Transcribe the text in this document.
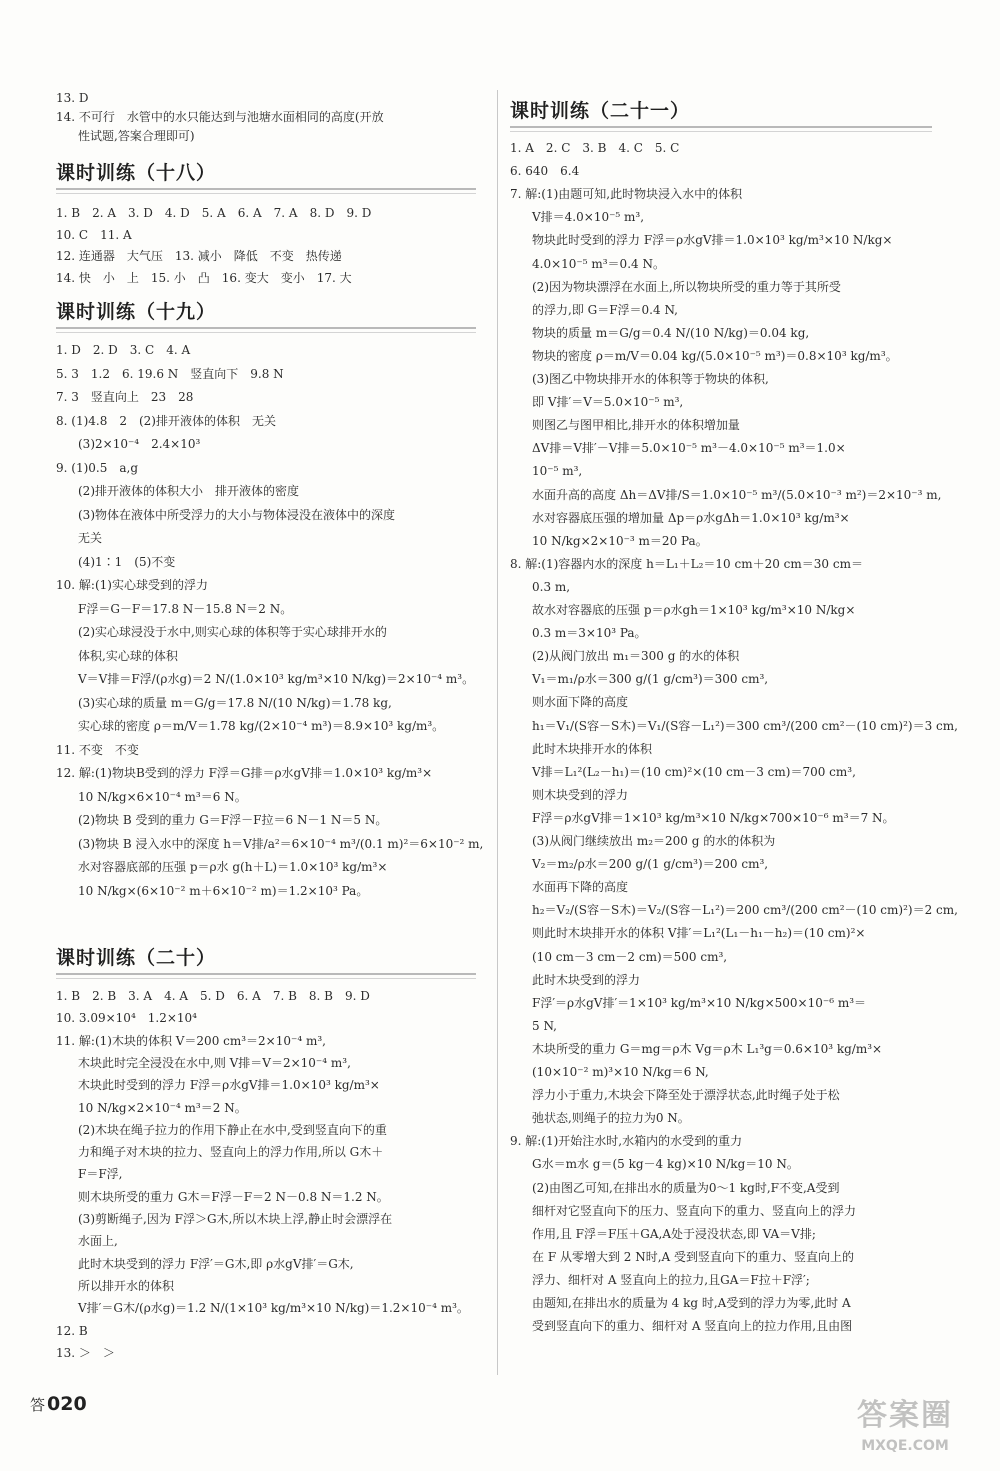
13. D
14. 不可行　水管中的水只能达到与池塘水面相同的高度(开放
性试题,答案合理即可)
课时训练（十八）
1. B　2. A　3. D　4. D　5. A　6. A　7. A　8. D　9. D
10. C　11. A
12. 连通器　大气压　13. 减小　降低　不变　热传递
14. 快　小　上　15. 小　凸　16. 变大　变小　17. 大
课时训练（十九）
1. D　2. D　3. C　4. A
5. 3　1.2　6. 19.6 N　竖直向下　9.8 N
7. 3　竖直向上　23　28
8. (1)4.8　2　(2)排开液体的体积　无关
(3)2×10⁻⁴　2.4×10³
9. (1)0.5　a,g
(2)排开液体的体积大小　排开液体的密度
(3)物体在液体中所受浮力的大小与物体浸没在液体中的深度
无关
(4)1∶1　(5)不变
10. 解:(1)实心球受到的浮力
F浮＝G－F＝17.8 N－15.8 N＝2 N。
(2)实心球浸没于水中,则实心球的体积等于实心球排开水的
体积,实心球的体积
V＝V排＝F浮/(ρ水g)＝2 N/(1.0×10³ kg/m³×10 N/kg)＝2×10⁻⁴ m³。
(3)实心球的质量 m＝G/g＝17.8 N/(10 N/kg)＝1.78 kg,
实心球的密度 ρ＝m/V＝1.78 kg/(2×10⁻⁴ m³)＝8.9×10³ kg/m³。
11. 不变　不变
12. 解:(1)物块B受到的浮力 F浮＝G排＝ρ水gV排＝1.0×10³ kg/m³×
10 N/kg×6×10⁻⁴ m³＝6 N。
(2)物块 B 受到的重力 G＝F浮－F拉＝6 N－1 N＝5 N。
(3)物块 B 浸入水中的深度 h＝V排/a²＝6×10⁻⁴ m³/(0.1 m)²＝6×10⁻² m,
水对容器底部的压强 p＝ρ水 g(h＋L)＝1.0×10³ kg/m³×
10 N/kg×(6×10⁻² m＋6×10⁻² m)＝1.2×10³ Pa。
课时训练（二十）
1. B　2. B　3. A　4. A　5. D　6. A　7. B　8. B　9. D
10. 3.09×10⁴　1.2×10⁴
11. 解:(1)木块的体积 V＝200 cm³＝2×10⁻⁴ m³,
木块此时完全浸没在水中,则 V排＝V＝2×10⁻⁴ m³,
木块此时受到的浮力 F浮＝ρ水gV排＝1.0×10³ kg/m³×
10 N/kg×2×10⁻⁴ m³＝2 N。
(2)木块在绳子拉力的作用下静止在水中,受到竖直向下的重
力和绳子对木块的拉力、竖直向上的浮力作用,所以 G木＋
F＝F浮,
则木块所受的重力 G木＝F浮－F＝2 N－0.8 N＝1.2 N。
(3)剪断绳子,因为 F浮＞G木,所以木块上浮,静止时会漂浮在
水面上,
此时木块受到的浮力 F浮′＝G木,即 ρ水gV排′＝G木,
所以排开水的体积
V排′＝G木/(ρ水g)＝1.2 N/(1×10³ kg/m³×10 N/kg)＝1.2×10⁻⁴ m³。
12. B
13. ＞　＞
课时训练（二十一）
1. A　2. C　3. B　4. C　5. C
6. 640　6.4
7. 解:(1)由题可知,此时物块浸入水中的体积
V排＝4.0×10⁻⁵ m³,
物块此时受到的浮力 F浮＝ρ水gV排＝1.0×10³ kg/m³×10 N/kg×
4.0×10⁻⁵ m³＝0.4 N。
(2)因为物块漂浮在水面上,所以物块所受的重力等于其所受
的浮力,即 G＝F浮＝0.4 N,
物块的质量 m＝G/g＝0.4 N/(10 N/kg)＝0.04 kg,
物块的密度 ρ＝m/V＝0.04 kg/(5.0×10⁻⁵ m³)＝0.8×10³ kg/m³。
(3)图乙中物块排开水的体积等于物块的体积,
即 V排′＝V＝5.0×10⁻⁵ m³,
则图乙与图甲相比,排开水的体积增加量
ΔV排＝V排′－V排＝5.0×10⁻⁵ m³－4.0×10⁻⁵ m³＝1.0×
10⁻⁵ m³,
水面升高的高度 Δh＝ΔV排/S＝1.0×10⁻⁵ m³/(5.0×10⁻³ m²)＝2×10⁻³ m,
水对容器底压强的增加量 Δp＝ρ水gΔh＝1.0×10³ kg/m³×
10 N/kg×2×10⁻³ m＝20 Pa。
8. 解:(1)容器内水的深度 h＝L₁＋L₂＝10 cm＋20 cm＝30 cm＝
0.3 m,
故水对容器底的压强 p＝ρ水gh＝1×10³ kg/m³×10 N/kg×
0.3 m＝3×10³ Pa。
(2)从阀门放出 m₁＝300 g 的水的体积
V₁＝m₁/ρ水＝300 g/(1 g/cm³)＝300 cm³,
则水面下降的高度
h₁＝V₁/(S容－S木)＝V₁/(S容－L₁²)＝300 cm³/(200 cm²－(10 cm)²)＝3 cm,
此时木块排开水的体积
V排＝L₁²(L₂－h₁)＝(10 cm)²×(10 cm－3 cm)＝700 cm³,
则木块受到的浮力
F浮＝ρ水gV排＝1×10³ kg/m³×10 N/kg×700×10⁻⁶ m³＝7 N。
(3)从阀门继续放出 m₂＝200 g 的水的体积为
V₂＝m₂/ρ水＝200 g/(1 g/cm³)＝200 cm³,
水面再下降的高度
h₂＝V₂/(S容－S木)＝V₂/(S容－L₁²)＝200 cm³/(200 cm²－(10 cm)²)＝2 cm,
则此时木块排开水的体积 V排′＝L₁²(L₁－h₁－h₂)＝(10 cm)²×
(10 cm－3 cm－2 cm)＝500 cm³,
此时木块受到的浮力
F浮′＝ρ水gV排′＝1×10³ kg/m³×10 N/kg×500×10⁻⁶ m³＝
5 N,
木块所受的重力 G＝mg＝ρ木 Vg＝ρ木 L₁³g＝0.6×10³ kg/m³×
(10×10⁻² m)³×10 N/kg＝6 N,
浮力小于重力,木块会下降至处于漂浮状态,此时绳子处于松
弛状态,则绳子的拉力为0 N。
9. 解:(1)开始注水时,水箱内的水受到的重力
G水＝m水 g＝(5 kg－4 kg)×10 N/kg＝10 N。
(2)由图乙可知,在排出水的质量为0～1 kg时,F不变,A受到
细杆对它竖直向下的压力、竖直向下的重力、竖直向上的浮力
作用,且 F浮＝F压＋GA,A处于浸没状态,即 VA＝V排;
在 F 从零增大到 2 N时,A 受到竖直向下的重力、竖直向上的
浮力、细杆对 A 竖直向上的拉力,且GA＝F拉＋F浮′;
由题知,在排出水的质量为 4 kg 时,A受到的浮力为零,此时 A
受到竖直向下的重力、细杆对 A 竖直向上的拉力作用,且由图
答 020	答案圈
MXQE.COM
